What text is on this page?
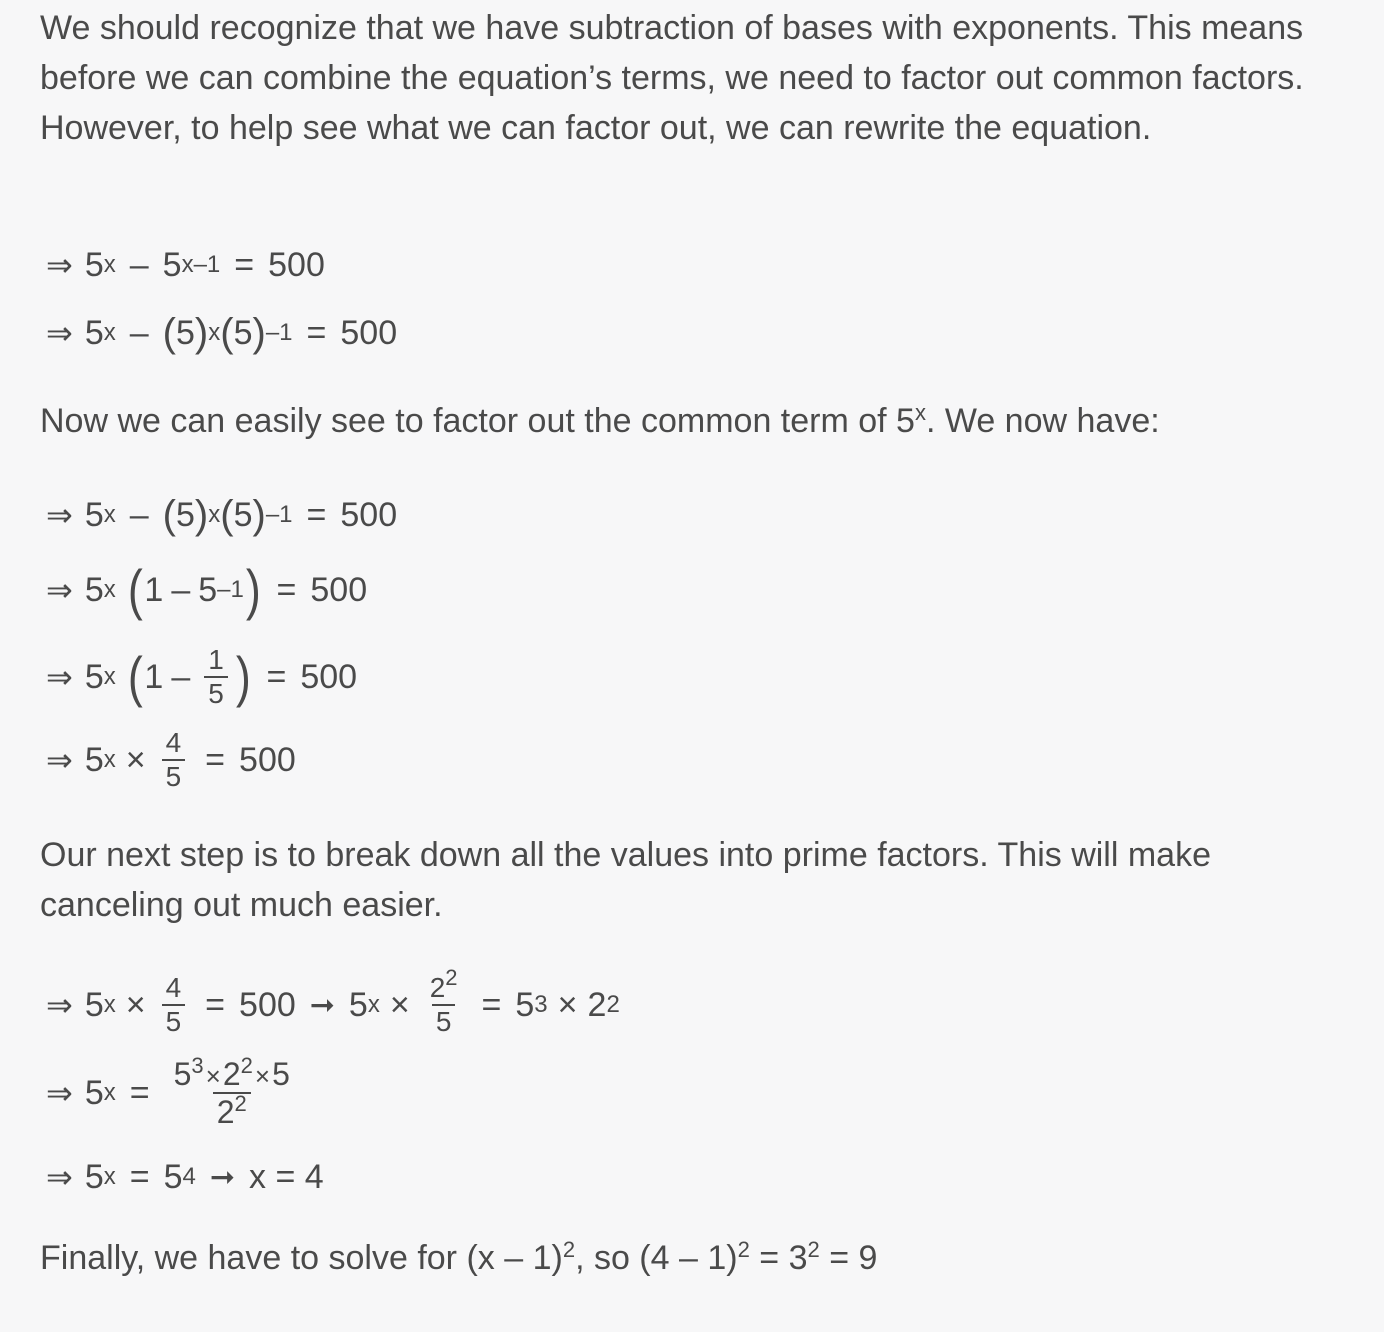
We should recognize that we have subtraction of bases with exponents. This means before we can combine the equation’s terms, we need to factor out common factors. However, to help see what we can factor out, we can rewrite the equation.

⇒ 5 x – 5 x–1 = 500
⇒ 5 x – ( 5 ) x ( 5 ) –1 = 500

Now we can easily see to factor out the common term of 5$^x$. We now have:

⇒ 5 x – ( 5 ) x ( 5 ) –1 = 500
⇒ 5 x ( 1 – 5 –1 ) = 500
⇒ 5 x ( $1 - \frac{1}{5}$ ) = 500
⇒ 5 $x \times \frac{4}{5} = 500$

Our next step is to break down all the values into prime factors. This will make canceling out much easier.

⇒ 5 $x \times \frac{4}{5} = 500$ ➞ 5 $x \times \frac{2^2}{5} = 5$ 3 × 2 2
⇒ 5 $x = \frac{5^3\times 2^2\times 5}{2^2}$
⇒ 5 x = 5 4 ➞ x = 4

Finally, we have to solve for (x – 1)$^2$, so $(4 - 1)^2 = 3^2 = 9$
